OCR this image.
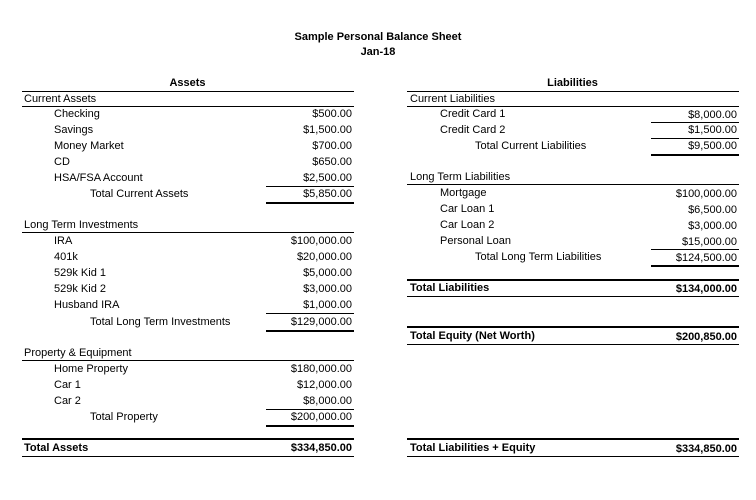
Sample Personal Balance Sheet
Jan-18
Assets
Current Assets
Checking	$500.00
Savings	$1,500.00
Money Market	$700.00
CD	$650.00
HSA/FSA Account	$2,500.00
Total Current Assets	$5,850.00
Long Term Investments
IRA	$100,000.00
401k	$20,000.00
529k Kid 1	$5,000.00
529k Kid 2	$3,000.00
Husband IRA	$1,000.00
Total Long Term Investments	$129,000.00
Property & Equipment
Home Property	$180,000.00
Car 1	$12,000.00
Car 2	$8,000.00
Total Property	$200,000.00
Total Assets	$334,850.00
Liabilities
Current Liabilities
Credit Card 1	$8,000.00
Credit Card 2	$1,500.00
Total Current Liabilities	$9,500.00
Long Term Liabilities
Mortgage	$100,000.00
Car Loan 1	$6,500.00
Car Loan 2	$3,000.00
Personal Loan	$15,000.00
Total Long Term Liabilities	$124,500.00
Total Liabilities	$134,000.00
Total Equity (Net Worth)	$200,850.00
Total Liabilities + Equity	$334,850.00
